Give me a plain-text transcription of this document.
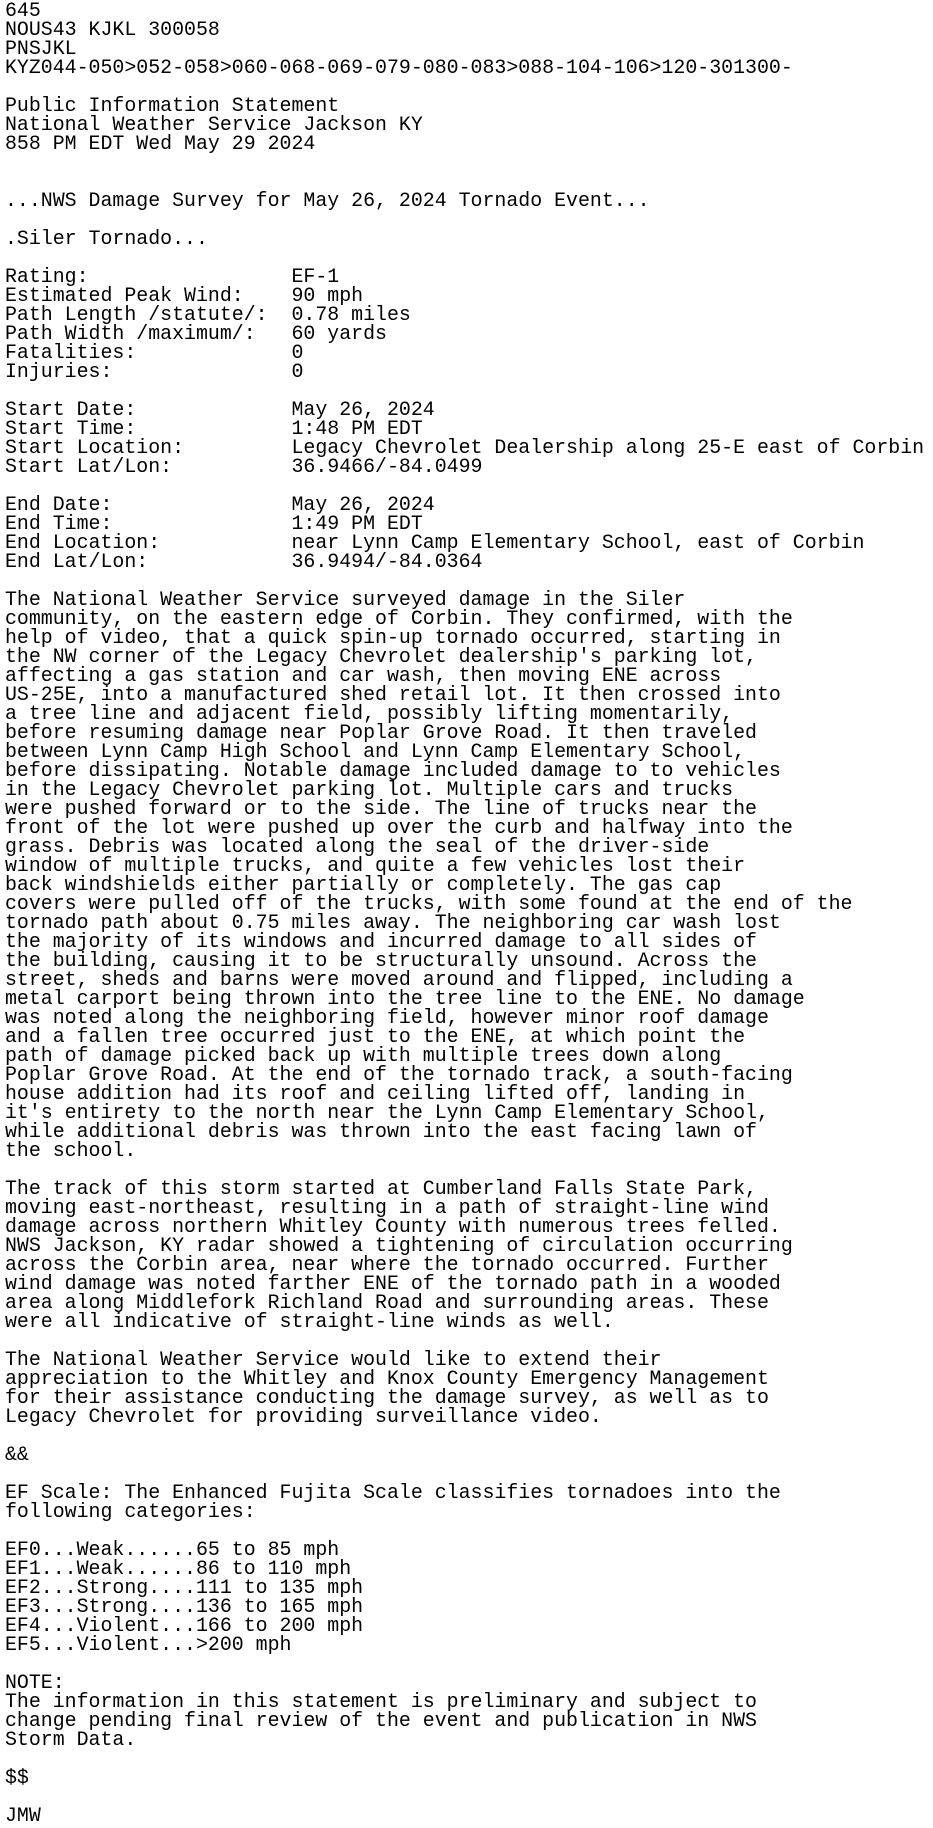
645
NOUS43 KJKL 300058
PNSJKL
KYZ044-050>052-058>060-068-069-079-080-083>088-104-106>120-301300-
Public Information Statement
National Weather Service Jackson KY
858 PM EDT Wed May 29 2024
...NWS Damage Survey for May 26, 2024 Tornado Event...
.Siler Tornado...
Rating:                 EF-1
Estimated Peak Wind:    90 mph
Path Length /statute/:  0.78 miles
Path Width /maximum/:   60 yards
Fatalities:             0
Injuries:               0
Start Date:             May 26, 2024
Start Time:             1:48 PM EDT
Start Location:         Legacy Chevrolet Dealership along 25-E east of Corbin
Start Lat/Lon:          36.9466/-84.0499
End Date:               May 26, 2024
End Time:               1:49 PM EDT
End Location:           near Lynn Camp Elementary School, east of Corbin
End Lat/Lon:            36.9494/-84.0364
The National Weather Service surveyed damage in the Siler
community, on the eastern edge of Corbin. They confirmed, with the
help of video, that a quick spin-up tornado occurred, starting in
the NW corner of the Legacy Chevrolet dealership's parking lot,
affecting a gas station and car wash, then moving ENE across
US-25E, into a manufactured shed retail lot. It then crossed into
a tree line and adjacent field, possibly lifting momentarily,
before resuming damage near Poplar Grove Road. It then traveled
between Lynn Camp High School and Lynn Camp Elementary School,
before dissipating. Notable damage included damage to to vehicles
in the Legacy Chevrolet parking lot. Multiple cars and trucks
were pushed forward or to the side. The line of trucks near the
front of the lot were pushed up over the curb and halfway into the
grass. Debris was located along the seal of the driver-side
window of multiple trucks, and quite a few vehicles lost their
back windshields either partially or completely. The gas cap
covers were pulled off of the trucks, with some found at the end of the
tornado path about 0.75 miles away. The neighboring car wash lost
the majority of its windows and incurred damage to all sides of
the building, causing it to be structurally unsound. Across the
street, sheds and barns were moved around and flipped, including a
metal carport being thrown into the tree line to the ENE. No damage
was noted along the neighboring field, however minor roof damage
and a fallen tree occurred just to the ENE, at which point the
path of damage picked back up with multiple trees down along
Poplar Grove Road. At the end of the tornado track, a south-facing
house addition had its roof and ceiling lifted off, landing in
it's entirety to the north near the Lynn Camp Elementary School,
while additional debris was thrown into the east facing lawn of
the school.
The track of this storm started at Cumberland Falls State Park,
moving east-northeast, resulting in a path of straight-line wind
damage across northern Whitley County with numerous trees felled.
NWS Jackson, KY radar showed a tightening of circulation occurring
across the Corbin area, near where the tornado occurred. Further
wind damage was noted farther ENE of the tornado path in a wooded
area along Middlefork Richland Road and surrounding areas. These
were all indicative of straight-line winds as well.
The National Weather Service would like to extend their
appreciation to the Whitley and Knox County Emergency Management
for their assistance conducting the damage survey, as well as to
Legacy Chevrolet for providing surveillance video.
&&
EF Scale: The Enhanced Fujita Scale classifies tornadoes into the
following categories:
EF0...Weak......65 to 85 mph
EF1...Weak......86 to 110 mph
EF2...Strong....111 to 135 mph
EF3...Strong....136 to 165 mph
EF4...Violent...166 to 200 mph
EF5...Violent...>200 mph
NOTE:
The information in this statement is preliminary and subject to
change pending final review of the event and publication in NWS
Storm Data.
$$
JMW
